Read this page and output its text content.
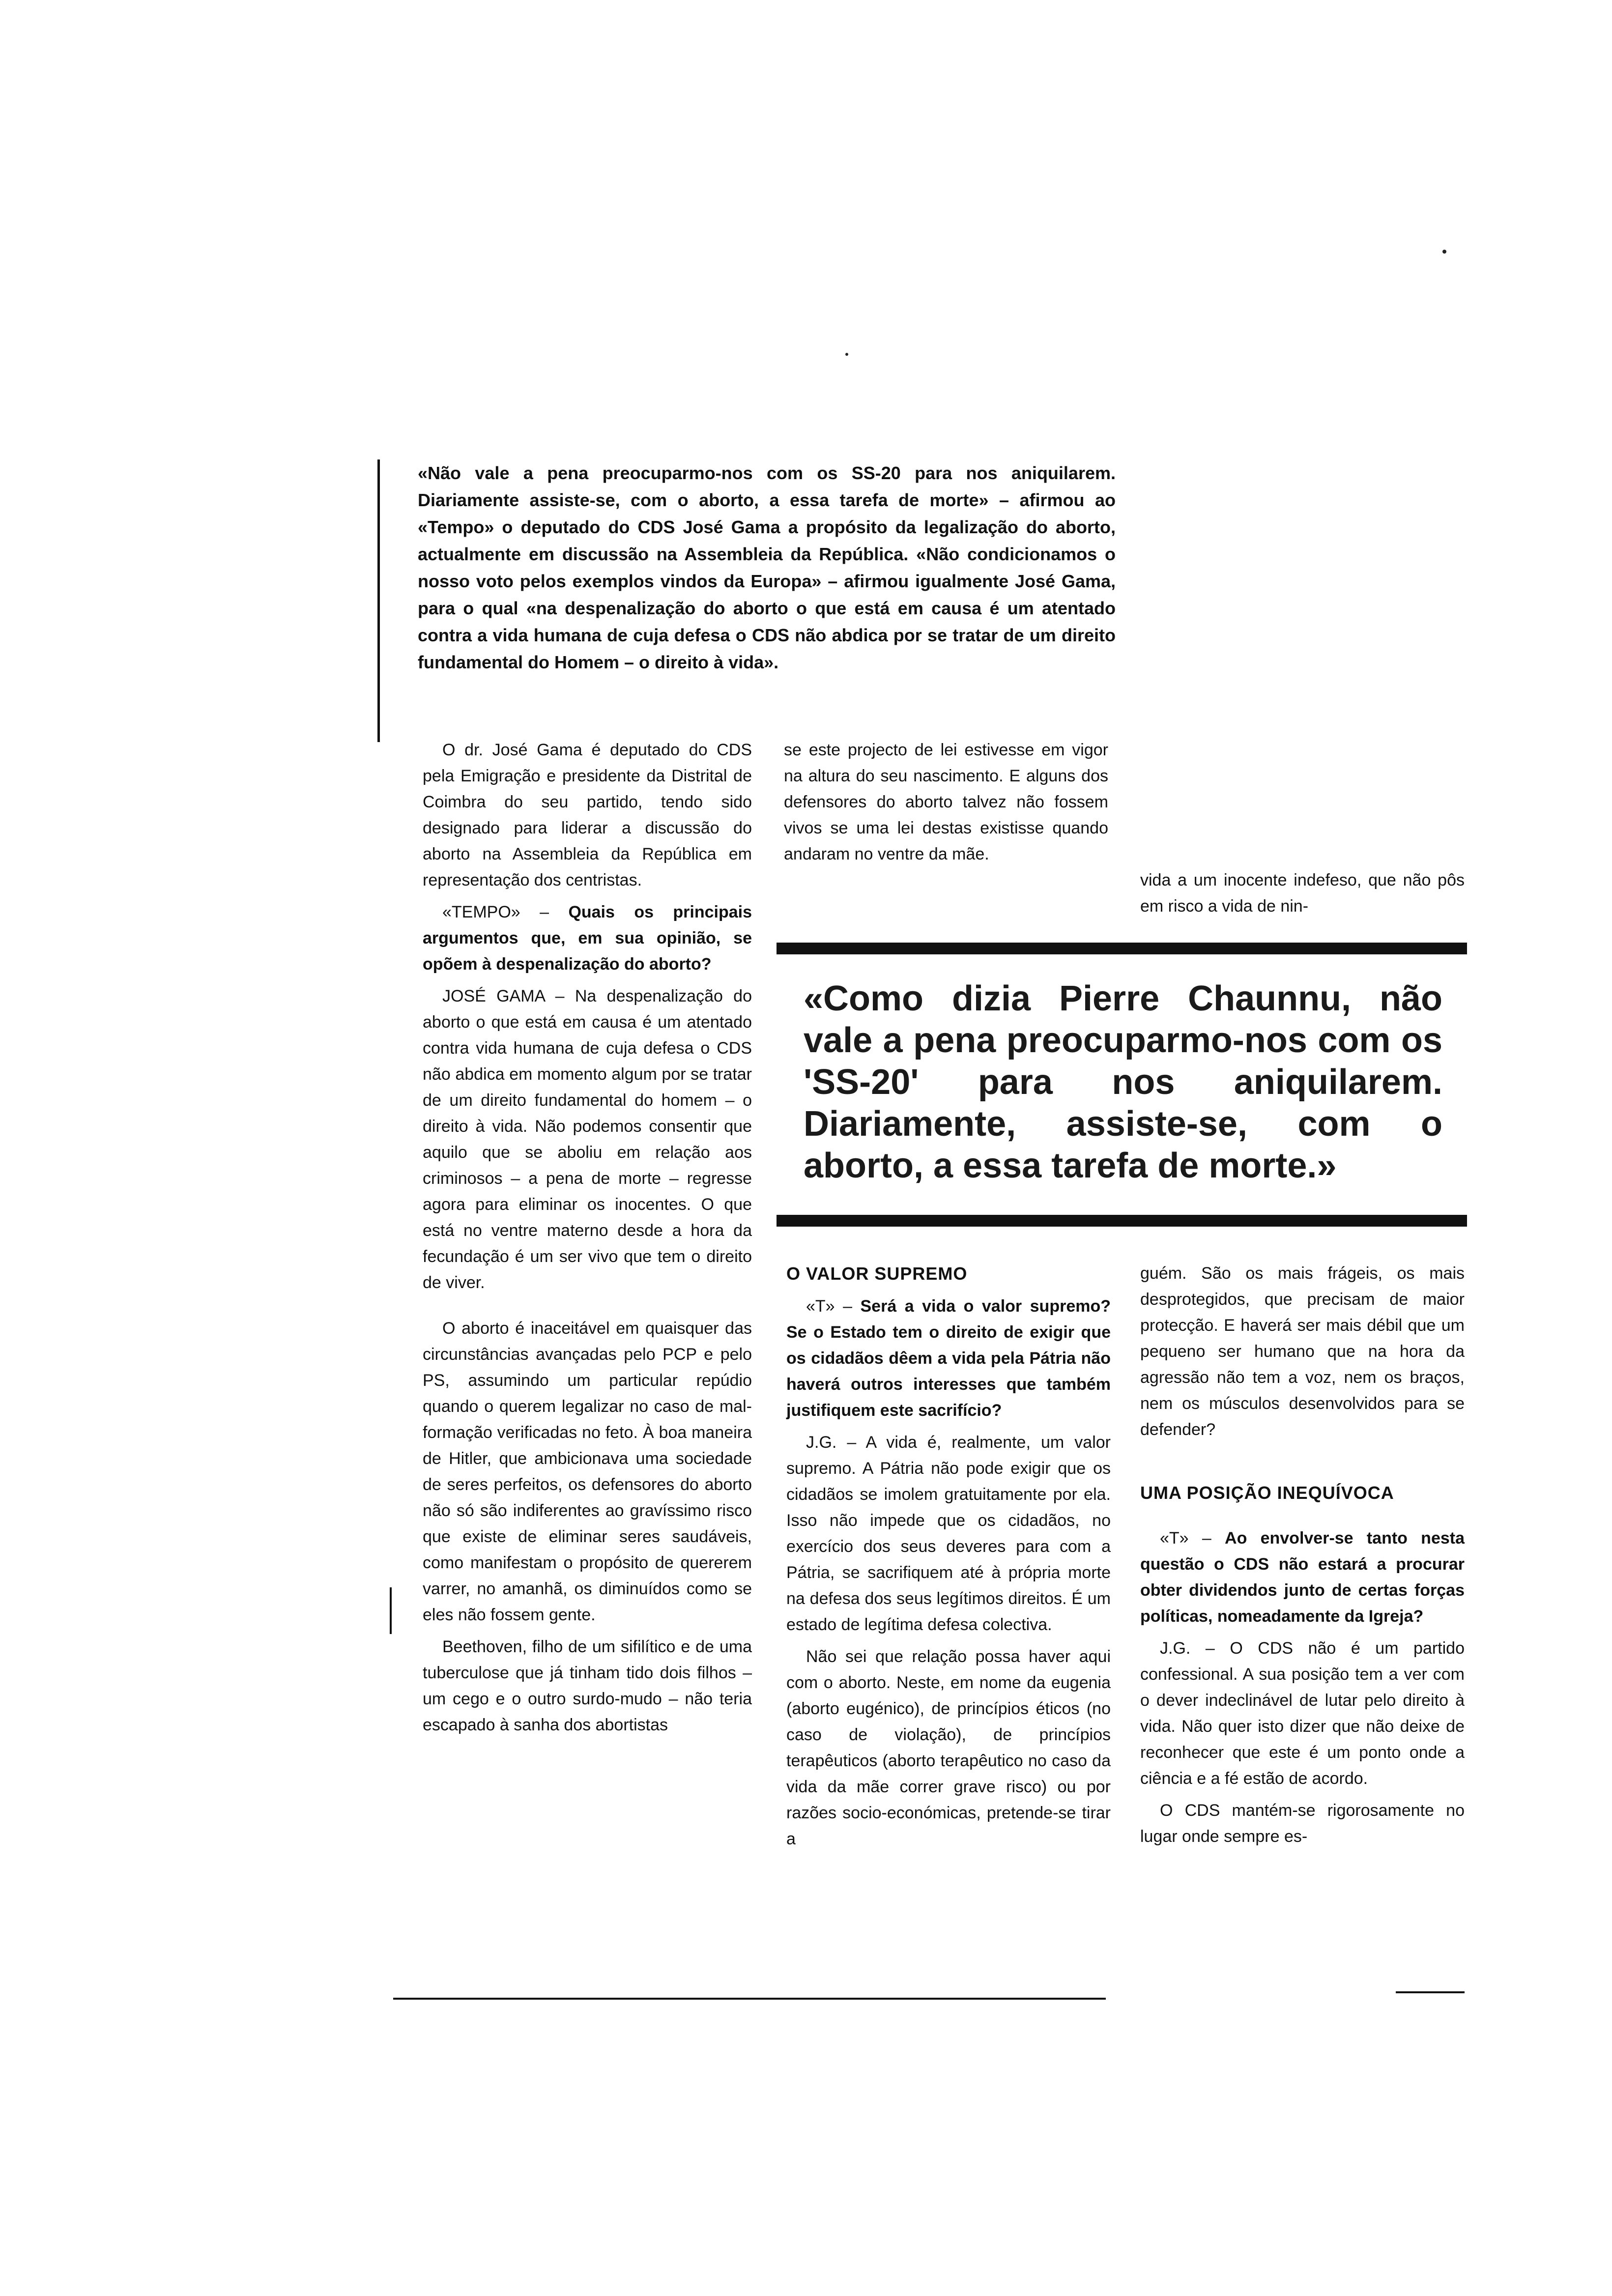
«Não vale a pena preocuparmo-nos com os SS-20 para nos aniquilarem. Diariamente assiste-se, com o aborto, a essa tarefa de morte» – afirmou ao «Tempo» o deputado do CDS José Gama a propósito da legalização do aborto, actualmente em discussão na Assembleia da República. «Não condicionamos o nosso voto pelos exemplos vindos da Europa» – afirmou igualmente José Gama, para o qual «na despenalização do aborto o que está em causa é um atentado contra a vida humana de cuja defesa o CDS não abdica por se tratar de um direito fundamental do Homem – o direito à vida».

O dr. José Gama é deputado do CDS pela Emigração e presidente da Distrital de Coimbra do seu partido, tendo sido designado para liderar a discussão do aborto na Assembleia da República em representação dos centristas.

«TEMPO» – Quais os principais argumentos que, em sua opinião, se opõem à despenalização do aborto?

JOSÉ GAMA – Na despenalização do aborto o que está em causa é um atentado contra vida humana de cuja defesa o CDS não abdica em momento algum por se tratar de um direito fundamental do homem – o direito à vida. Não podemos consentir que aquilo que se aboliu em relação aos criminosos – a pena de morte – regresse agora para eliminar os inocentes. O que está no ventre materno desde a hora da fecundação é um ser vivo que tem o direito de viver.

O aborto é inaceitável em quaisquer das circunstâncias avançadas pelo PCP e pelo PS, assumindo um particular repúdio quando o querem legalizar no caso de mal-formação verificadas no feto. À boa maneira de Hitler, que ambicionava uma sociedade de seres perfeitos, os defensores do aborto não só são indiferentes ao gravíssimo risco que existe de eliminar seres saudáveis, como manifestam o propósito de quererem varrer, no amanhã, os diminuídos como se eles não fossem gente.

Beethoven, filho de um sifilítico e de uma tuberculose que já tinham tido dois filhos – um cego e o outro surdo-mudo – não teria escapado à sanha dos abortistas

se este projecto de lei estivesse em vigor na altura do seu nascimento. E alguns dos defensores do aborto talvez não fossem vivos se uma lei destas existisse quando andaram no ventre da mãe.

vida a um inocente indefeso, que não pôs em risco a vida de nin-

«Como dizia Pierre Chaunnu, não vale a pena preocuparmo-nos com os 'SS-20' para nos aniquilarem. Diariamente, assiste-se, com o aborto, a essa tarefa de morte.»

O VALOR SUPREMO

«T» – Será a vida o valor supremo? Se o Estado tem o direito de exigir que os cidadãos dêem a vida pela Pátria não haverá outros interesses que também justifiquem este sacrifício?

J.G. – A vida é, realmente, um valor supremo. A Pátria não pode exigir que os cidadãos se imolem gratuitamente por ela. Isso não impede que os cidadãos, no exercício dos seus deveres para com a Pátria, se sacrifiquem até à própria morte na defesa dos seus legítimos direitos. É um estado de legítima defesa colectiva.

Não sei que relação possa haver aqui com o aborto. Neste, em nome da eugenia (aborto eugénico), de princípios éticos (no caso de violação), de princípios terapêuticos (aborto terapêutico no caso da vida da mãe correr grave risco) ou por razões socio-económicas, pretende-se tirar a

guém. São os mais frágeis, os mais desprotegidos, que precisam de maior protecção. E haverá ser mais débil que um pequeno ser humano que na hora da agressão não tem a voz, nem os braços, nem os músculos desenvolvidos para se defender?

UMA POSIÇÃO INEQUÍVOCA

«T» – Ao envolver-se tanto nesta questão o CDS não estará a procurar obter dividendos junto de certas forças políticas, nomeadamente da Igreja?

J.G. – O CDS não é um partido confessional. A sua posição tem a ver com o dever indeclinável de lutar pelo direito à vida. Não quer isto dizer que não deixe de reconhecer que este é um ponto onde a ciência e a fé estão de acordo.

O CDS mantém-se rigorosamente no lugar onde sempre es-
